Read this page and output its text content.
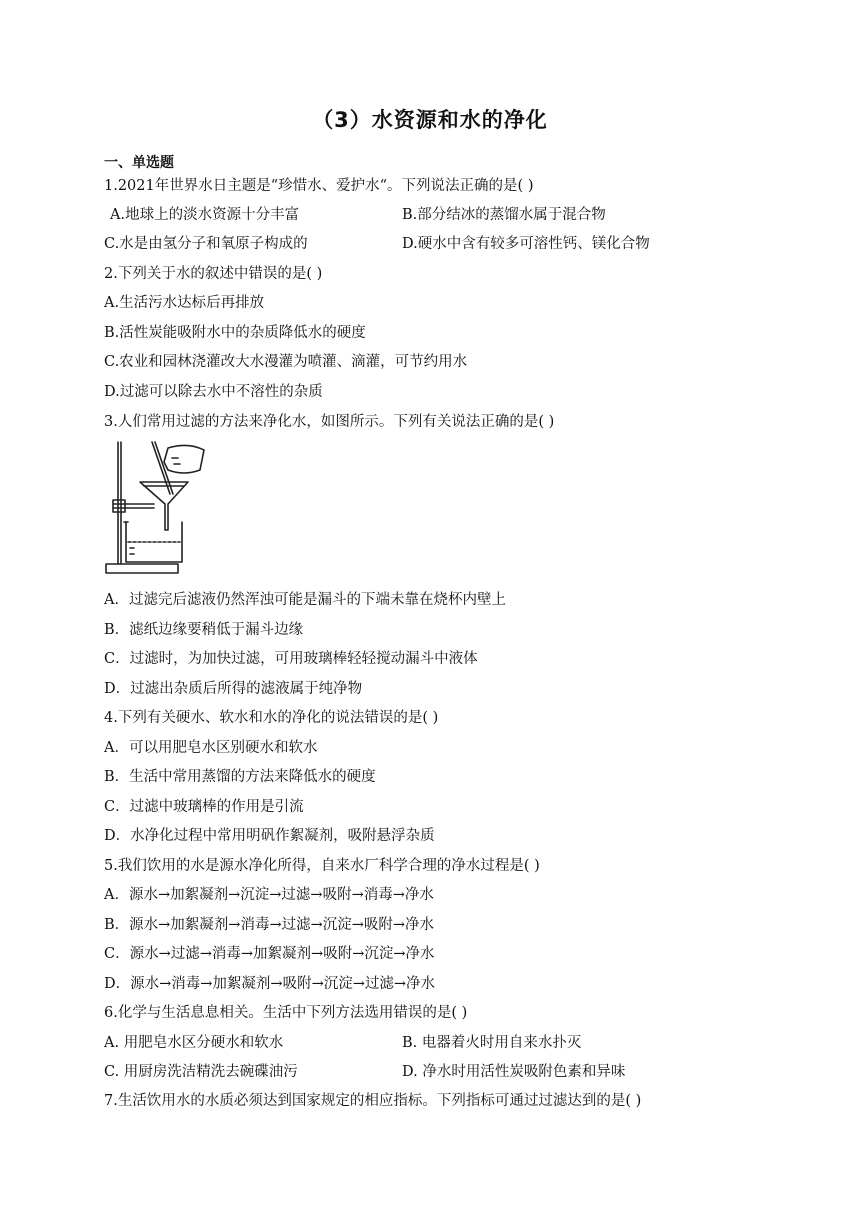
（3）水资源和水的净化
一、单选题
1.2021年世界水日主题是“珍惜水、爱护水“。下列说法正确的是( )
A.地球上的淡水资源十分丰富	B.部分结冰的蒸馏水属于混合物
C.水是由氢分子和氧原子构成的	D.硬水中含有较多可溶性钙、镁化合物
2.下列关于水的叙述中错误的是( )
A.生活污水达标后再排放
B.活性炭能吸附水中的杂质降低水的硬度
C.农业和园林浇灌改大水漫灌为喷灌、滴灌，可节约用水
D.过滤可以除去水中不溶性的杂质
3.人们常用过滤的方法来净化水，如图所示。下列有关说法正确的是( )
A．过滤完后滤液仍然浑浊可能是漏斗的下端未靠在烧杯内壁上
B．滤纸边缘要稍低于漏斗边缘
C．过滤时，为加快过滤，可用玻璃棒轻轻搅动漏斗中液体
D．过滤出杂质后所得的滤液属于纯净物
4.下列有关硬水、软水和水的净化的说法错误的是( )
A．可以用肥皂水区别硬水和软水
B．生活中常用蒸馏的方法来降低水的硬度
C．过滤中玻璃棒的作用是引流
D．水净化过程中常用明矾作絮凝剂，吸附悬浮杂质
5.我们饮用的水是源水净化所得，自来水厂科学合理的净水过程是( )
A．源水→加絮凝剂→沉淀→过滤→吸附→消毒→净水
B．源水→加絮凝剂→消毒→过滤→沉淀→吸附→净水
C．源水→过滤→消毒→加絮凝剂→吸附→沉淀→净水
D．源水→消毒→加絮凝剂→吸附→沉淀→过滤→净水
6.化学与生活息息相关。生活中下列方法选用错误的是( )
A. 用肥皂水区分硬水和软水	B. 电器着火时用自来水扑灭
C. 用厨房洗洁精洗去碗碟油污	D. 净水时用活性炭吸附色素和异味
7.生活饮用水的水质必须达到国家规定的相应指标。下列指标可通过过滤达到的是( )
